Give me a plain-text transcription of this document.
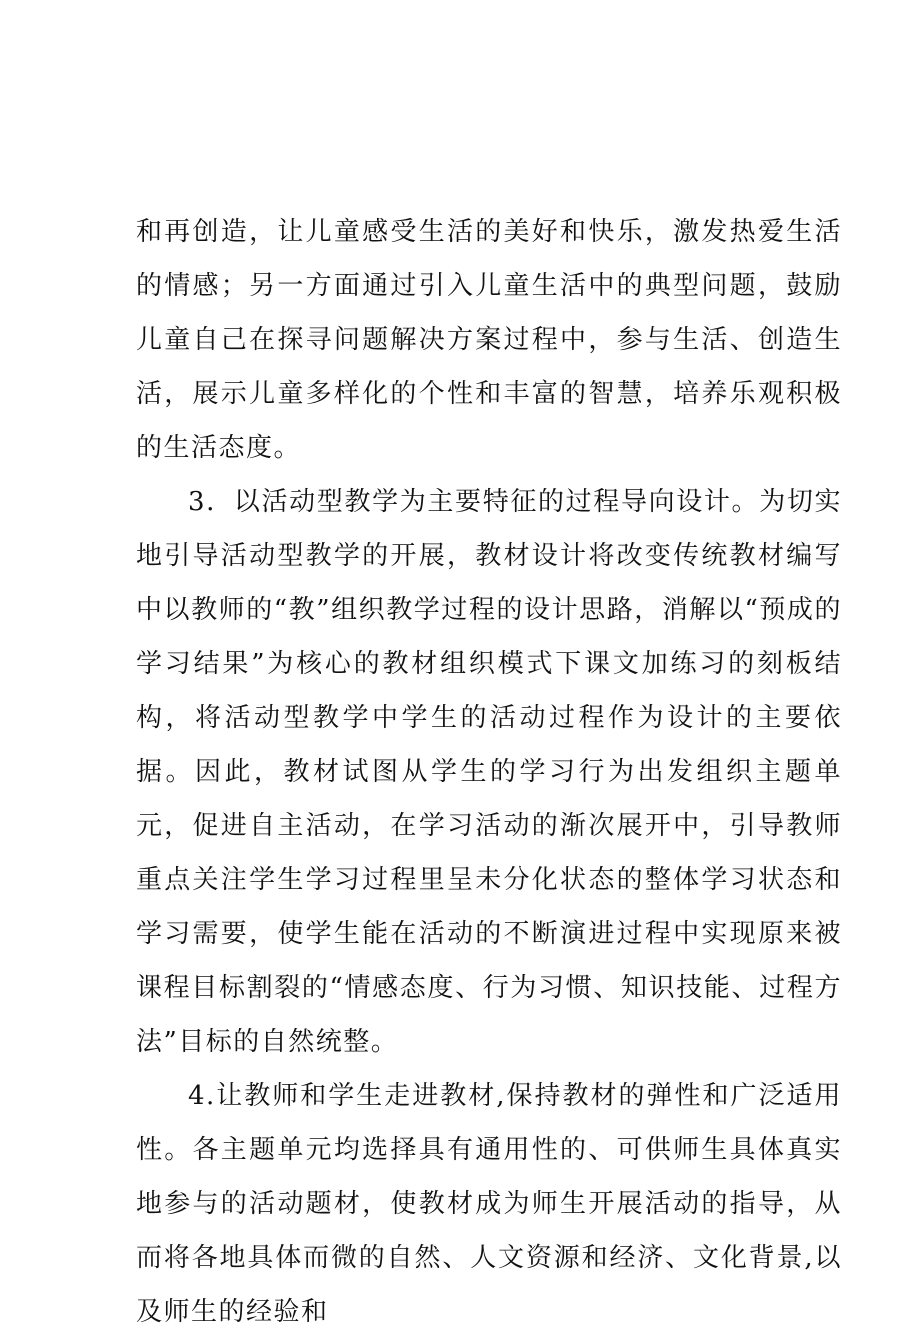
和再创造，让儿童感受生活的美好和快乐，激发热爱生活的情感；另一方面通过引入儿童生活中的典型问题，鼓励儿童自己在探寻问题解决方案过程中，参与生活、创造生活，展示儿童多样化的个性和丰富的智慧，培养乐观积极的生活态度。

3．以活动型教学为主要特征的过程导向设计。为切实地引导活动型教学的开展，教材设计将改变传统教材编写中以教师的“教”组织教学过程的设计思路，消解以“预成的学习结果”为核心的教材组织模式下课文加练习的刻板结构，将活动型教学中学生的活动过程作为设计的主要依据。因此，教材试图从学生的学习行为出发组织主题单元，促进自主活动，在学习活动的渐次展开中，引导教师重点关注学生学习过程里呈未分化状态的整体学习状态和学习需要，使学生能在活动的不断演进过程中实现原来被课程目标割裂的“情感态度、行为习惯、知识技能、过程方法”目标的自然统整。

4.让教师和学生走进教材,保持教材的弹性和广泛适用性。各主题单元均选择具有通用性的、可供师生具体真实地参与的活动题材，使教材成为师生开展活动的指导，从而将各地具体而微的自然、人文资源和经济、文化背景,以及师生的经验和
